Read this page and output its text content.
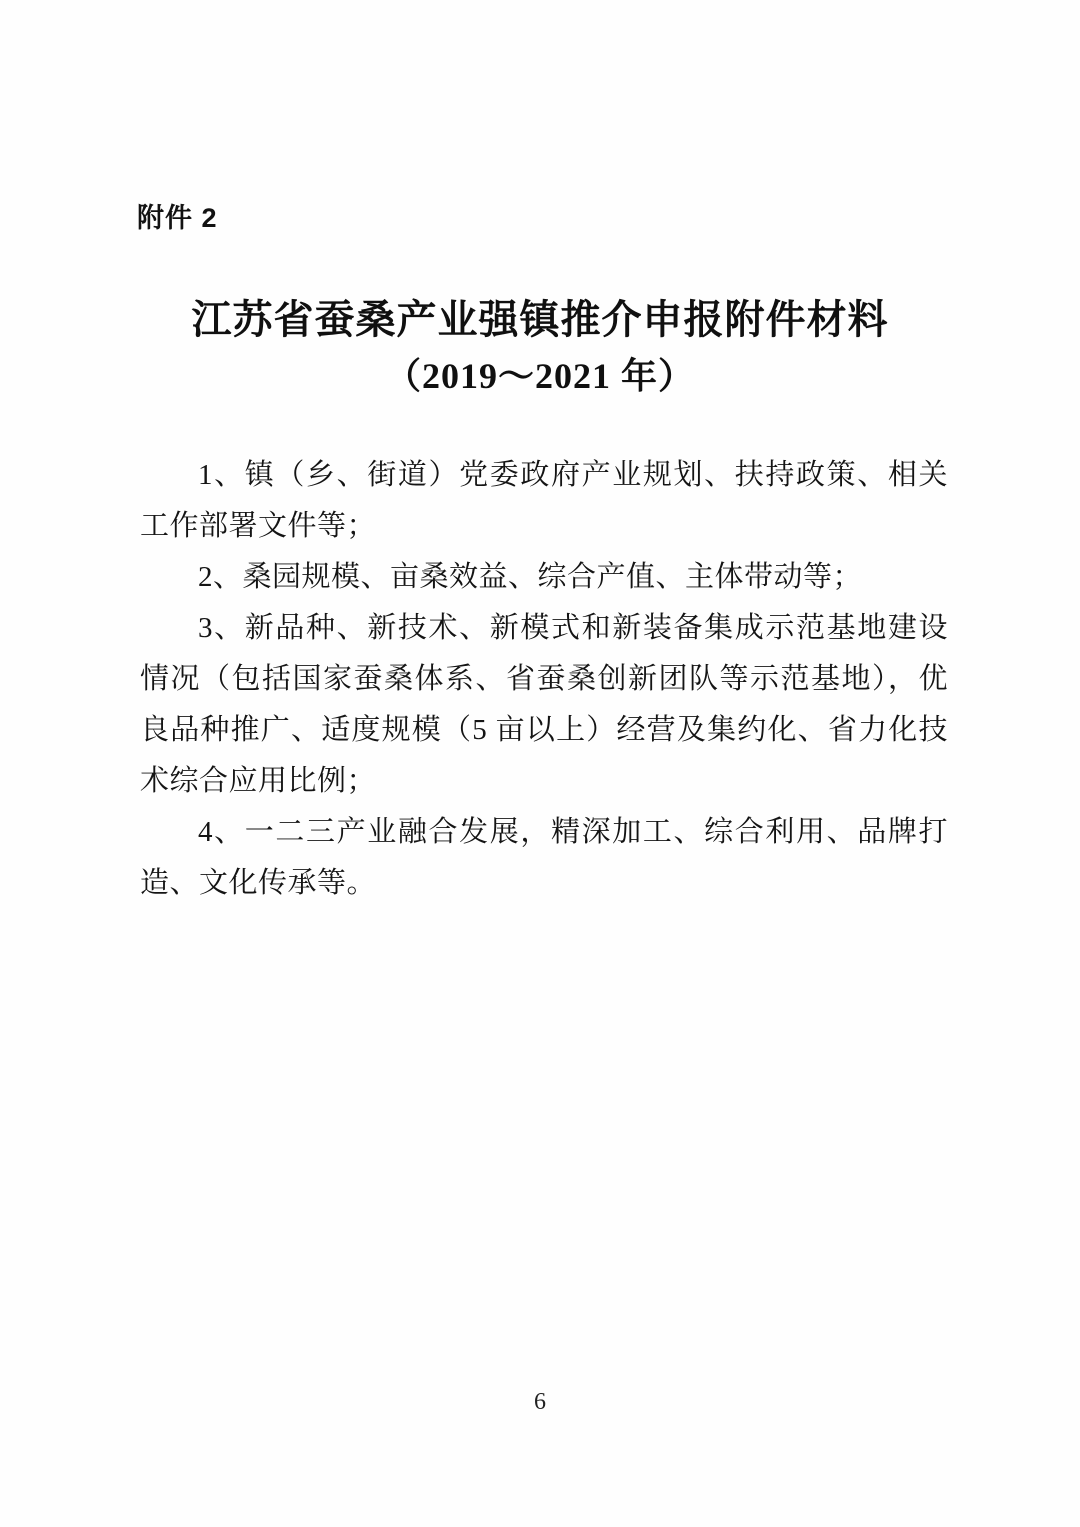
附件 2
江苏省蚕桑产业强镇推介申报附件材料
（2019～2021 年）

1、镇（乡、街道）党委政府产业规划、扶持政策、相关工作部署文件等；

2、桑园规模、亩桑效益、综合产值、主体带动等；

3、新品种、新技术、新模式和新装备集成示范基地建设情况（包括国家蚕桑体系、省蚕桑创新团队等示范基地），优良品种推广、适度规模（5 亩以上）经营及集约化、省力化技术综合应用比例；

4、一二三产业融合发展，精深加工、综合利用、品牌打造、文化传承等。

6
